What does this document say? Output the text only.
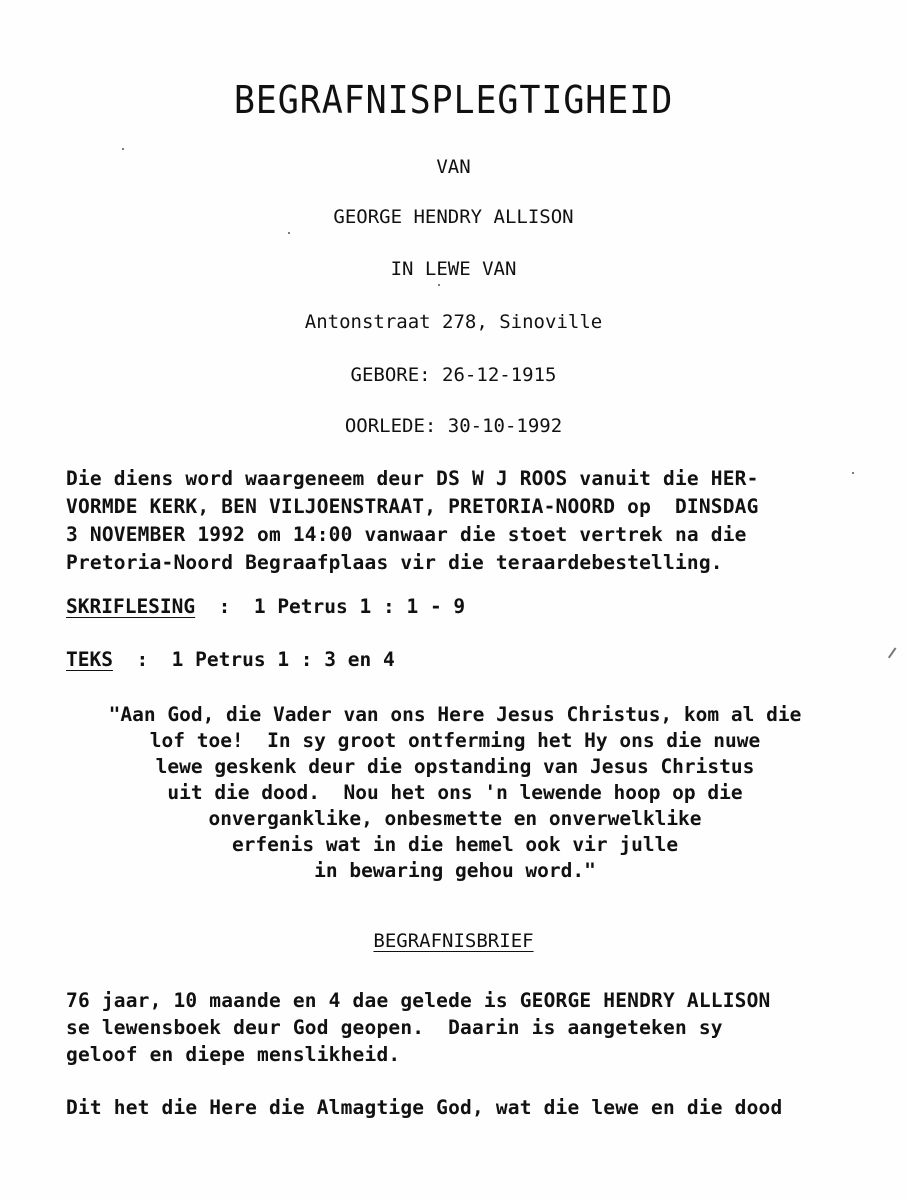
BEGRAFNISPLEGTIGHEID
VAN
GEORGE HENDRY ALLISON
IN LEWE VAN
Antonstraat 278, Sinoville
GEBORE: 26-12-1915
OORLEDE: 30-10-1992
Die diens word waargeneem deur DS W J ROOS vanuit die HER-
VORMDE KERK, BEN VILJOENSTRAAT, PRETORIA-NOORD op  DINSDAG
3 NOVEMBER 1992 om 14:00 vanwaar die stoet vertrek na die
Pretoria-Noord Begraafplaas vir die teraardebestelling.
SKRIFLESING  :  1 Petrus 1 : 1 - 9
TEKS  :  1 Petrus 1 : 3 en 4
"Aan God, die Vader van ons Here Jesus Christus, kom al die
lof toe!  In sy groot ontferming het Hy ons die nuwe
lewe geskenk deur die opstanding van Jesus Christus
uit die dood.  Nou het ons 'n lewende hoop op die
onverganklike, onbesmette en onverwelklike
erfenis wat in die hemel ook vir julle
in bewaring gehou word."
BEGRAFNISBRIEF
76 jaar, 10 maande en 4 dae gelede is GEORGE HENDRY ALLISON
se lewensboek deur God geopen.  Daarin is aangeteken sy
geloof en diepe menslikheid.
Dit het die Here die Almagtige God, wat die lewe en die dood
